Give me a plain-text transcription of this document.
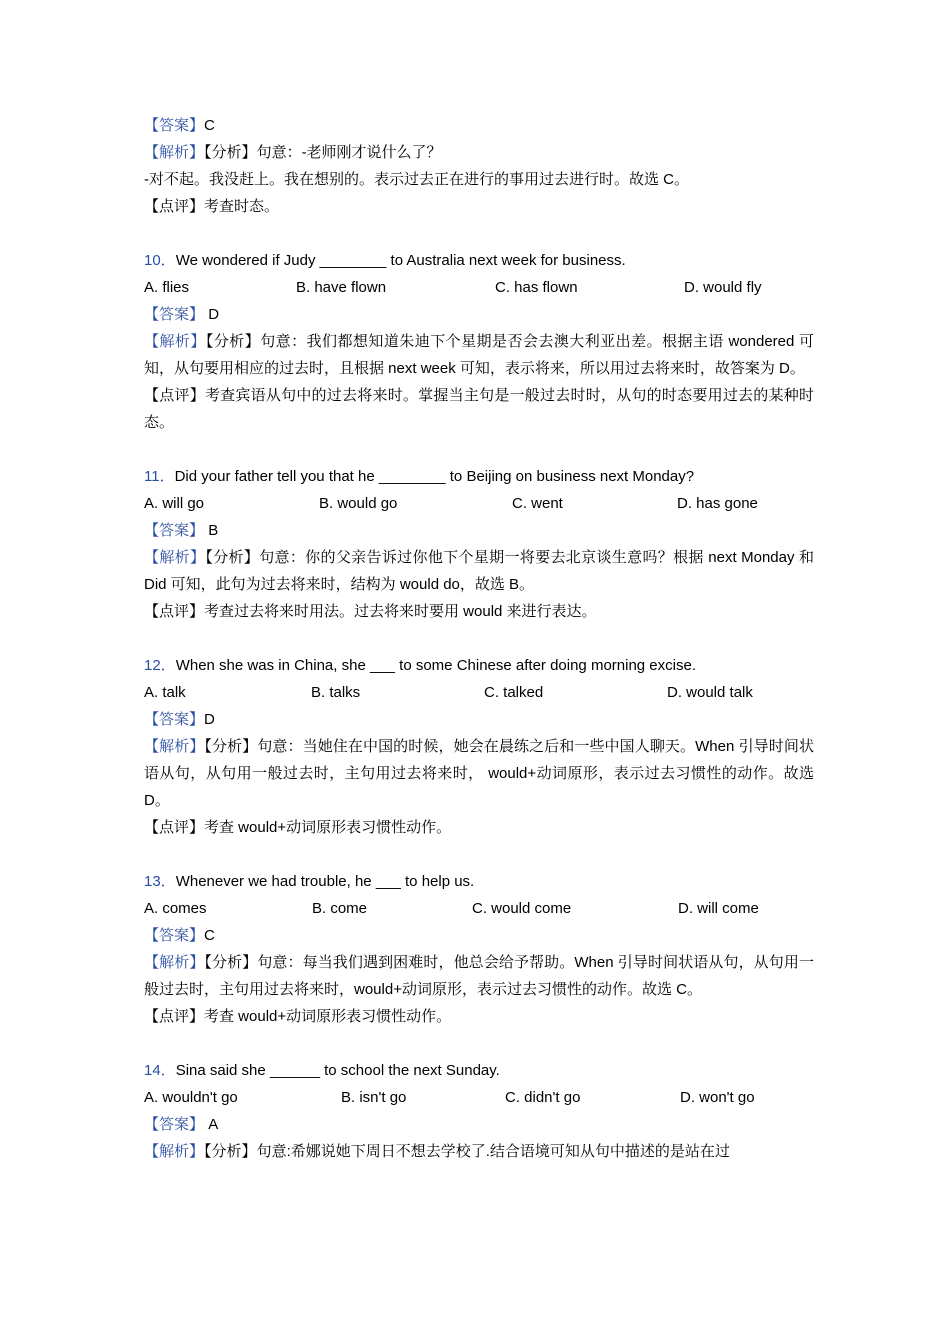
【答案】C
【解析】【分析】句意：-老师刚才说什么了？
-对不起。我没赶上。我在想别的。表示过去正在进行的事用过去进行时。故选 C。
【点评】考查时态。
10．We wondered if Judy ________ to Australia next week for business.
A. flies	B. have flown	C. has flown	D. would fly
【答案】 D
【解析】【分析】句意：我们都想知道朱迪下个星期是否会去澳大利亚出差。根据主语 wondered 可知，从句要用相应的过去时，且根据 next week 可知，表示将来，所以用过去将来时，故答案为 D。
【点评】考查宾语从句中的过去将来时。掌握当主句是一般过去时时，从句的时态要用过去的某种时态。
11．Did your father tell you that he ________ to Beijing on business next Monday?
A. will go	B. would go	C. went	D. has gone
【答案】 B
【解析】【分析】句意：你的父亲告诉过你他下个星期一将要去北京谈生意吗？根据 next Monday 和 Did 可知，此句为过去将来时，结构为 would do，故选 B。
【点评】考查过去将来时用法。过去将来时要用 would 来进行表达。
12．When she was in China, she ___ to some Chinese after doing morning excise.
A. talk	B. talks	C. talked	D. would talk
【答案】D
【解析】【分析】句意：当她住在中国的时候，她会在晨练之后和一些中国人聊天。When 引导时间状语从句，从句用一般过去时，主句用过去将来时， would+动词原形，表示过去习惯性的动作。故选 D。
【点评】考查 would+动词原形表习惯性动作。
13．Whenever we had trouble, he ___ to help us.
A. comes	B. come	C. would come	D. will come
【答案】C
【解析】【分析】句意：每当我们遇到困难时，他总会给予帮助。When 引导时间状语从句，从句用一般过去时，主句用过去将来时，would+动词原形，表示过去习惯性的动作。故选 C。
【点评】考查 would+动词原形表习惯性动作。
14．Sina said she ______ to school the next Sunday.
A. wouldn't go	B. isn't go	C. didn't go	D. won't go
【答案】 A
【解析】【分析】句意:希娜说她下周日不想去学校了.结合语境可知从句中描述的是站在过
